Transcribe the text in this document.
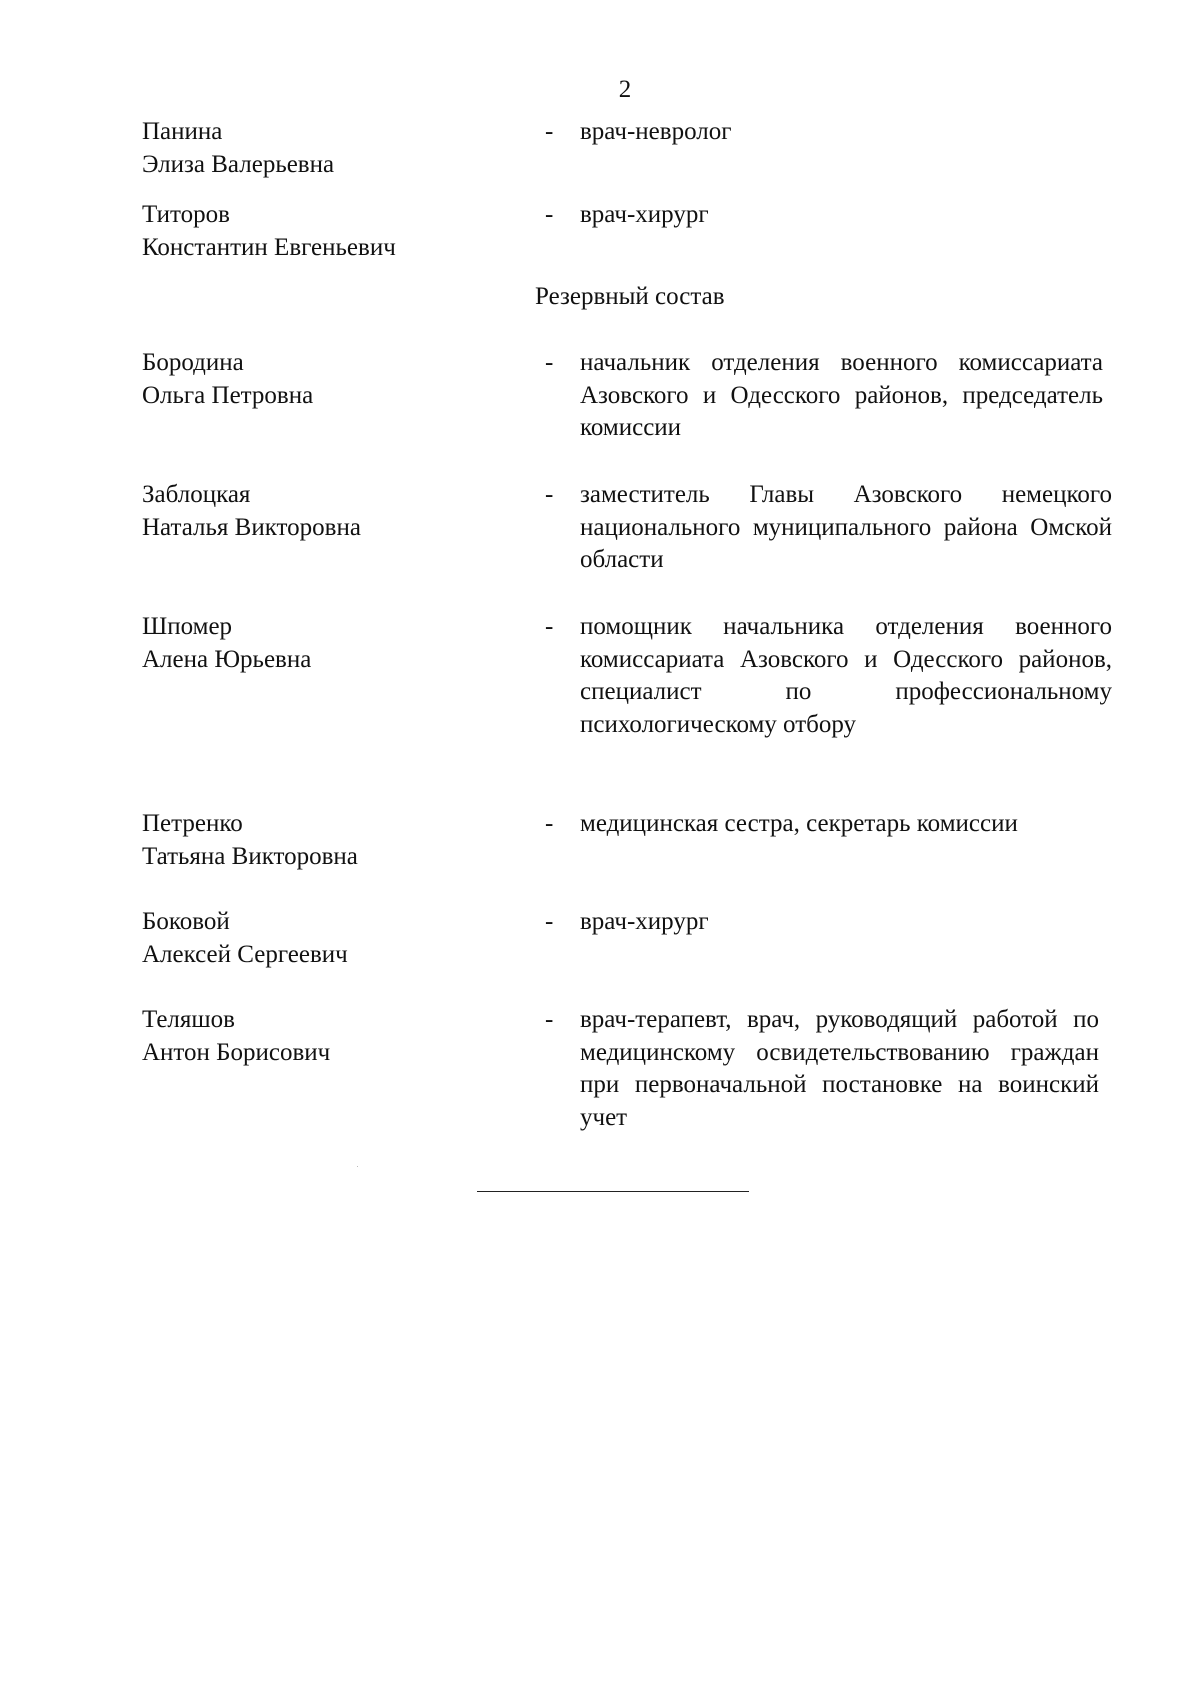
2
Панина
Элиза Валерьевна
- врач-невролог
Титоров
Константин Евгеньевич
- врач-хирург
Резервный состав
Бородина
Ольга Петровна
- начальник отделения военного комиссариата Азовского и Одесского районов, председатель комиссии
Заблоцкая
Наталья Викторовна
- заместитель Главы Азовского немецкого национального муниципального района Омской области
Шпомер
Алена Юрьевна
- помощник начальника отделения военного комиссариата Азовского и Одесского районов, специалист по профессиональному психологическому отбору
Петренко
Татьяна Викторовна
- медицинская сестра, секретарь комиссии
Боковой
Алексей Сергеевич
- врач-хирург
Теляшов
Антон Борисович
- врач-терапевт, врач, руководящий работой по медицинскому освидетельствованию граждан при первоначальной постановке на воинский учет
